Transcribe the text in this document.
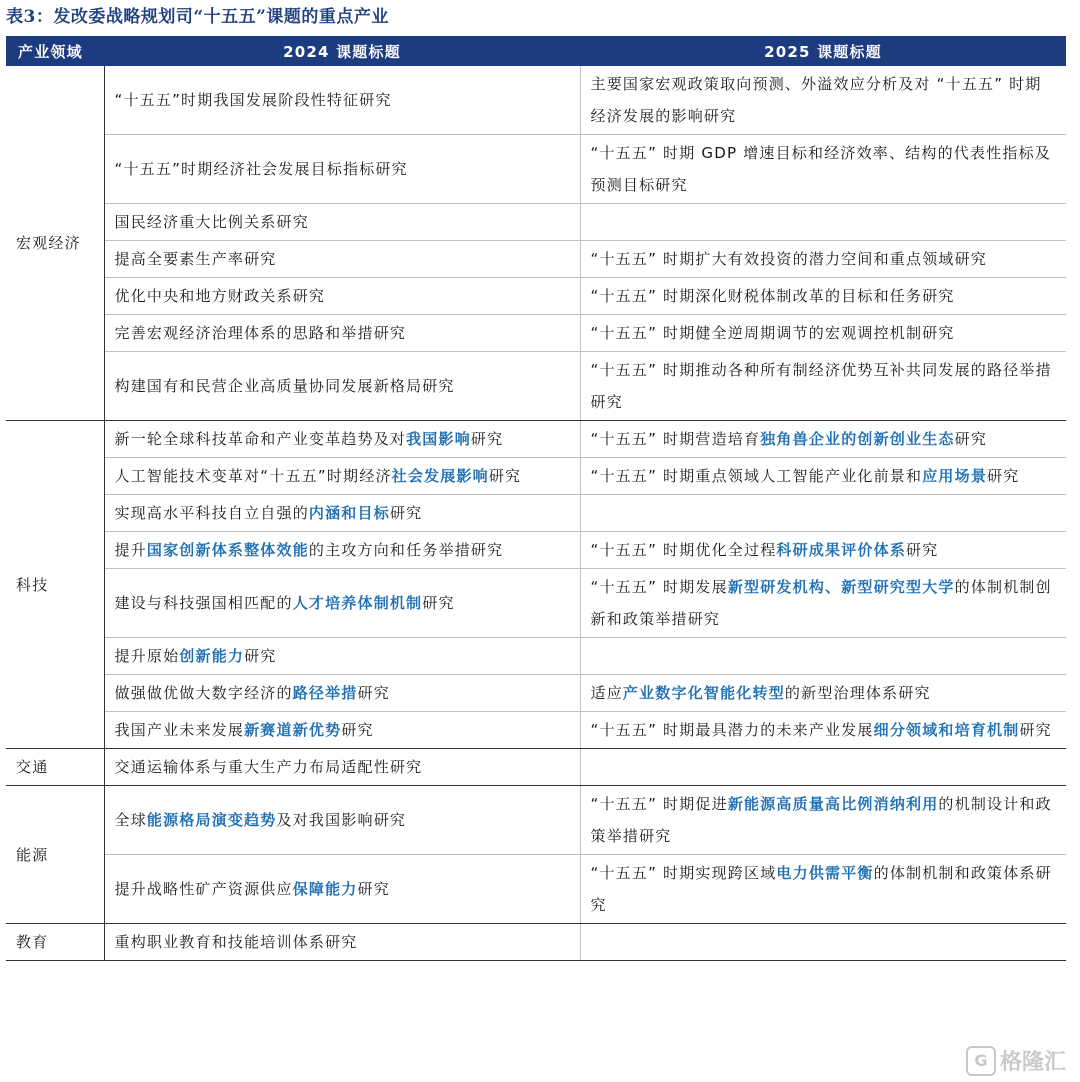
表3：发改委战略规划司“十五五”课题的重点产业
产业领域	2024 课题标题	2025 课题标题
宏观经济	“十五五”时期我国发展阶段性特征研究	主要国家宏观政策取向预测、外溢效应分析及对 “十五五” 时期经济发展的影响研究
	“十五五”时期经济社会发展目标指标研究	“十五五” 时期 GDP 增速目标和经济效率、结构的代表性指标及预测目标研究
	国民经济重大比例关系研究	
	提高全要素生产率研究	“十五五” 时期扩大有效投资的潜力空间和重点领域研究
	优化中央和地方财政关系研究	“十五五” 时期深化财税体制改革的目标和任务研究
	完善宏观经济治理体系的思路和举措研究	“十五五” 时期健全逆周期调节的宏观调控机制研究
	构建国有和民营企业高质量协同发展新格局研究	“十五五” 时期推动各种所有制经济优势互补共同发展的路径举措研究
科技	新一轮全球科技革命和产业变革趋势及对我国影响研究	“十五五” 时期营造培育独角兽企业的创新创业生态研究
	人工智能技术变革对“十五五”时期经济社会发展影响研究	“十五五” 时期重点领域人工智能产业化前景和应用场景研究
	实现高水平科技自立自强的内涵和目标研究	
	提升国家创新体系整体效能的主攻方向和任务举措研究	“十五五” 时期优化全过程科研成果评价体系研究
	建设与科技强国相匹配的人才培养体制机制研究	“十五五” 时期发展新型研发机构、新型研究型大学的体制机制创新和政策举措研究
	提升原始创新能力研究	
	做强做优做大数字经济的路径举措研究	适应产业数字化智能化转型的新型治理体系研究
	我国产业未来发展新赛道新优势研究	“十五五” 时期最具潜力的未来产业发展细分领域和培育机制研究
交通	交通运输体系与重大生产力布局适配性研究	
能源	全球能源格局演变趋势及对我国影响研究	“十五五” 时期促进新能源高质量高比例消纳利用的机制设计和政策举措研究
	提升战略性矿产资源供应保障能力研究	“十五五” 时期实现跨区域电力供需平衡的体制机制和政策体系研究
教育	重构职业教育和技能培训体系研究	
G 格隆汇
